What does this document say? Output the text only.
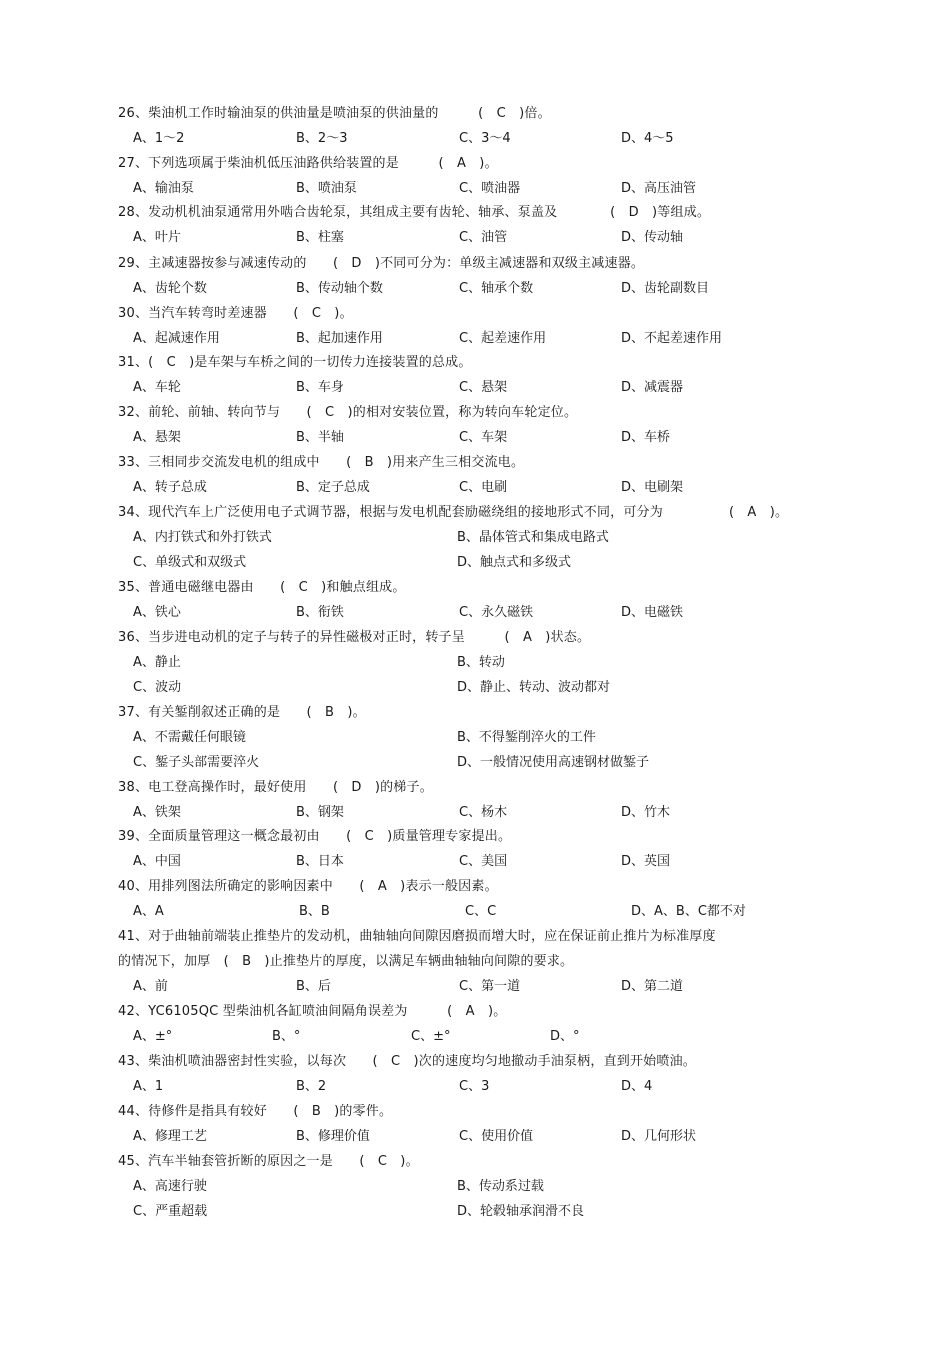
26、柴油机工作时输油泵的供油量是喷油泵的供油量的　　　(　C　)倍。
A、1～2	B、2～3	C、3～4	D、4～5
27、下列选项属于柴油机低压油路供给装置的是　　　(　A　)。
A、输油泵	B、喷油泵	C、喷油器	D、高压油管
28、发动机机油泵通常用外啮合齿轮泵，其组成主要有齿轮、轴承、泵盖及　　　　(　D　)等组成。
A、叶片	B、柱塞	C、油管	D、传动轴
29、主减速器按参与减速传动的　　(　D　)不同可分为：单级主减速器和双级主减速器。
A、齿轮个数	B、传动轴个数	C、轴承个数	D、齿轮副数目
30、当汽车转弯时差速器　　(　C　)。
A、起减速作用	B、起加速作用	C、起差速作用	D、不起差速作用
31、(　C　)是车架与车桥之间的一切传力连接装置的总成。
A、车轮	B、车身	C、悬架	D、减震器
32、前轮、前轴、转向节与　　(　C　)的相对安装位置，称为转向车轮定位。
A、悬架	B、半轴	C、车架	D、车桥
33、三相同步交流发电机的组成中　　(　B　)用来产生三相交流电。
A、转子总成	B、定子总成	C、电刷	D、电刷架
34、现代汽车上广泛使用电子式调节器，根据与发电机配套励磁绕组的接地形式不同，可分为　　　　　(　A　)。
A、内打铁式和外打铁式	B、晶体管式和集成电路式
C、单级式和双级式	D、触点式和多级式
35、普通电磁继电器由　　(　C　)和触点组成。
A、铁心	B、衔铁	C、永久磁铁	D、电磁铁
36、当步进电动机的定子与转子的异性磁极对正时，转子呈　　　(　A　)状态。
A、静止	B、转动
C、波动	D、静止、转动、波动都对
37、有关錾削叙述正确的是　　(　B　)。
A、不需戴任何眼镜	B、不得錾削淬火的工件
C、錾子头部需要淬火	D、一般情况使用高速钢材做錾子
38、电工登高操作时，最好使用　　(　D　)的梯子。
A、铁架	B、钢架	C、杨木	D、竹木
39、全面质量管理这一概念最初由　　(　C　)质量管理专家提出。
A、中国	B、日本	C、美国	D、英国
40、用排列图法所确定的影响因素中　　(　A　)表示一般因素。
A、A	B、B	C、C	D、A、B、C都不对
41、对于曲轴前端装止推垫片的发动机，曲轴轴向间隙因磨损而增大时，应在保证前止推片为标准厚度
的情况下，加厚　(　B　)止推垫片的厚度，以满足车辆曲轴轴向间隙的要求。
A、前	B、后	C、第一道	D、第二道
42、YC6105QC 型柴油机各缸喷油间隔角误差为　　　(　A　)。
A、±°	B、°	C、±°	D、°
43、柴油机喷油器密封性实验，以每次　　(　C　)次的速度均匀地撤动手油泵柄，直到开始喷油。
A、1	B、2	C、3	D、4
44、待修件是指具有较好　　(　B　)的零件。
A、修理工艺	B、修理价值	C、使用价值	D、几何形状
45、汽车半轴套管折断的原因之一是　　(　C　)。
A、高速行驶	B、传动系过载
C、严重超载	D、轮毂轴承润滑不良
